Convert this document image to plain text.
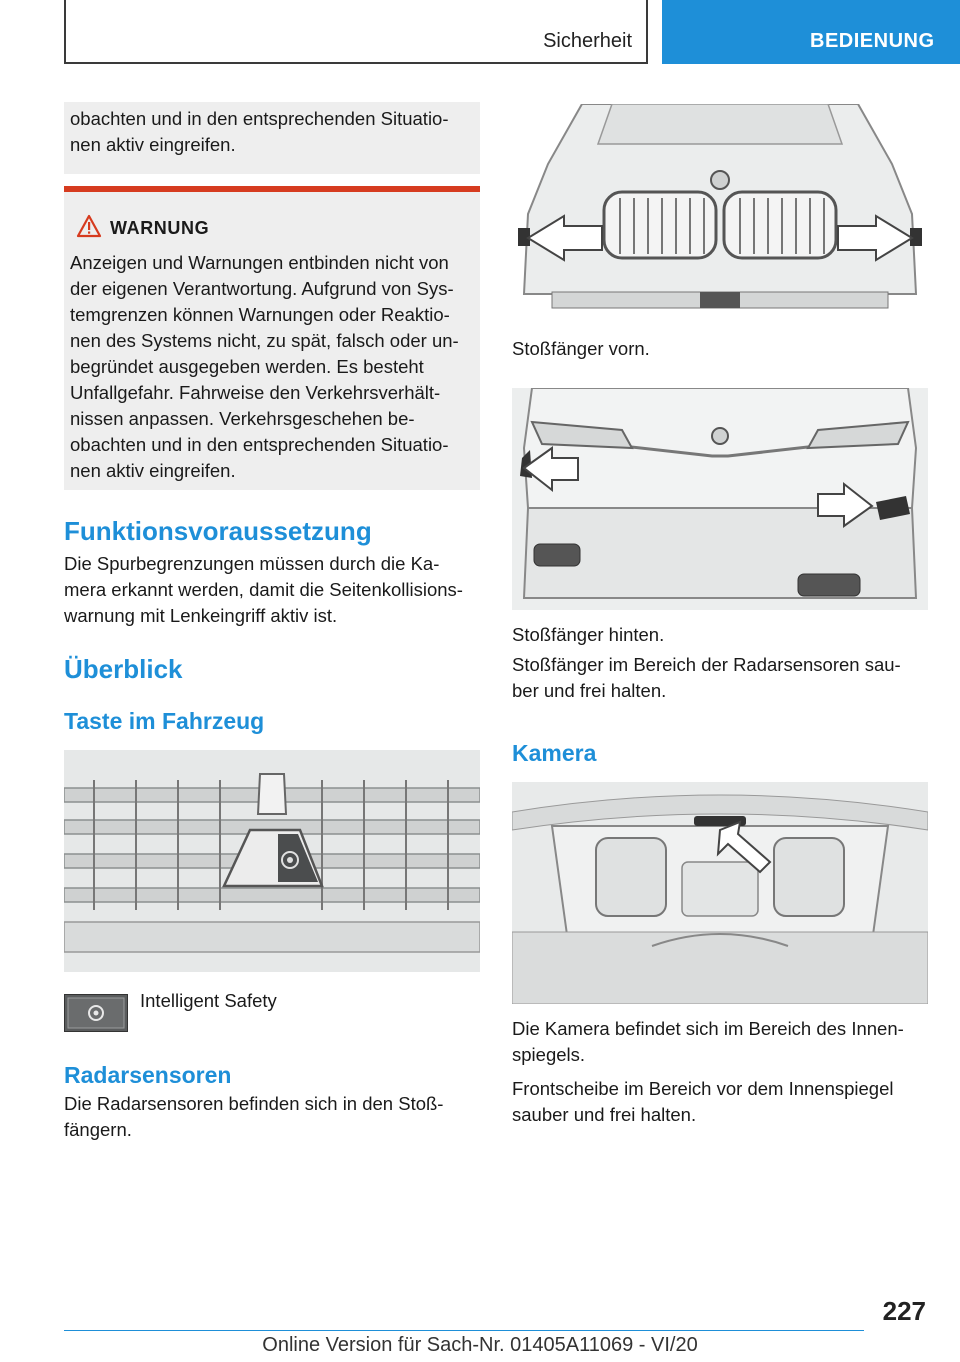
Sicherheit	BEDIENUNG

obachten und in den entsprechenden Situatio‐
nen aktiv eingreifen.

WARNUNG

Anzeigen und Warnungen entbinden nicht von
der eigenen Verantwortung. Aufgrund von Sys‐
temgrenzen können Warnungen oder Reaktio‐
nen des Systems nicht, zu spät, falsch oder un‐
begründet ausgegeben werden. Es besteht
Unfallgefahr. Fahrweise den Verkehrsverhält‐
nissen anpassen. Verkehrsgeschehen be‐
obachten und in den entsprechenden Situatio‐
nen aktiv eingreifen.

Funktionsvoraussetzung

Die Spurbegrenzungen müssen durch die Ka‐
mera erkannt werden, damit die Seitenkollisions‐
warnung mit Lenkeingriff aktiv ist.

Überblick
Taste im Fahrzeug
Intelligent Safety
Radarsensoren

Die Radarsensoren befinden sich in den Stoß‐
fängern.

Stoßfänger vorn.

Stoßfänger hinten.

Stoßfänger im Bereich der Radarsensoren sau‐
ber und frei halten.

Kamera

Die Kamera befindet sich im Bereich des Innen‐
spiegels.

Frontscheibe im Bereich vor dem Innenspiegel
sauber und frei halten.

227
Online Version für Sach-Nr. 01405A11069 - VI/20
